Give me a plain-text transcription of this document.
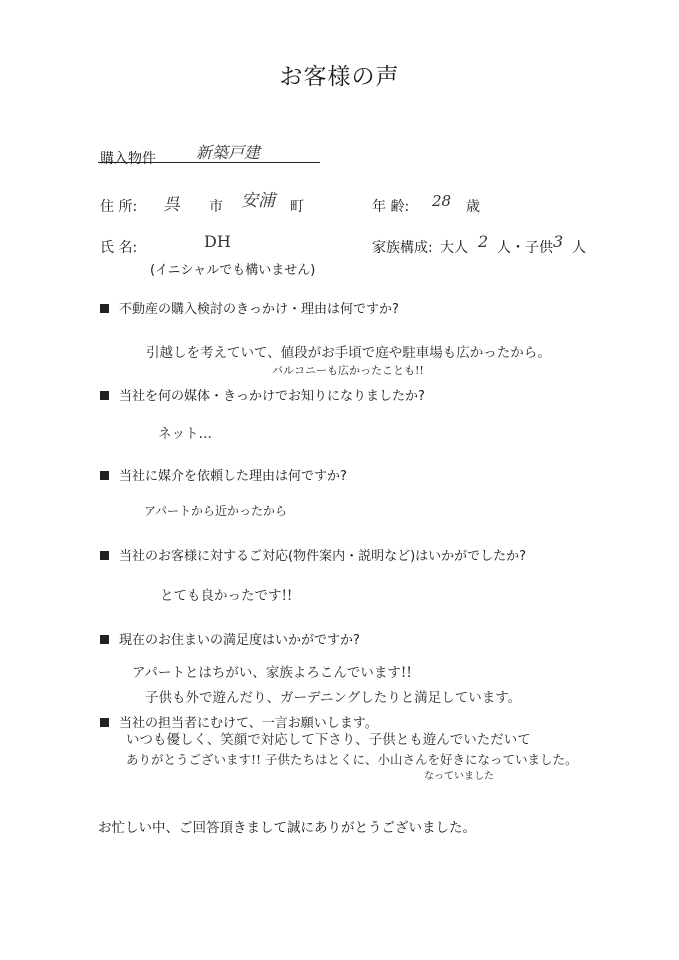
お客様の声
購入物件	新築戸建
住 所: 呉 市 安浦 町	年 齢: 28 歳
氏 名:	DH
(イニシャルでも構いません)
家族構成: 大人 2 人・子供 3 人
不動産の購入検討のきっかけ・理由は何ですか?
引越しを考えていて、値段がお手頃で庭や駐車場も広かったから。
バルコニーも広かったことも!!
当社を何の媒体・きっかけでお知りになりましたか?
ネット…
当社に媒介を依頼した理由は何ですか?
アパートから近かったから
当社のお客様に対するご対応(物件案内・説明など)はいかがでしたか?
とても良かったです!!
現在のお住まいの満足度はいかがですか?
アパートとはちがい、家族よろこんでいます!!
子供も外で遊んだり、ガーデニングしたりと満足しています。
当社の担当者にむけて、一言お願いします。
いつも優しく、笑顔で対応して下さり、子供とも遊んでいただいて
ありがとうございます!! 子供たちはとくに、小山さんを好きになっていました。
なっていました
お忙しい中、ご回答頂きまして誠にありがとうございました。
